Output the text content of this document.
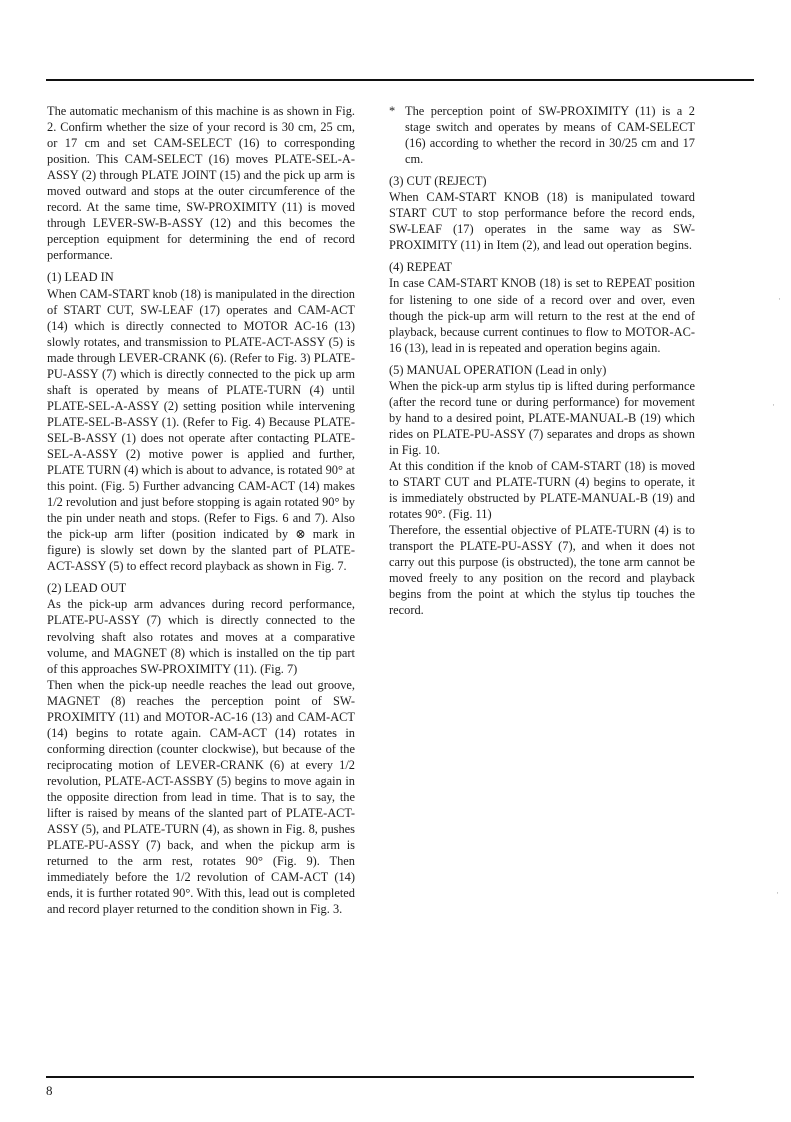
The automatic mechanism of this machine is as shown in Fig. 2. Confirm whether the size of your record is 30 cm, 25 cm, or 17 cm and set CAM-SELECT (16) to corresponding position. This CAM-SELECT (16) moves PLATE-SEL-A-ASSY (2) through PLATE JOINT (15) and the pick up arm is moved outward and stops at the outer circumference of the record. At the same time, SW-PROXIMITY (11) is moved through LEVER-SW-B-ASSY (12) and this becomes the perception equipment for determining the end of record performance.

(1) LEAD IN

When CAM-START knob (18) is manipulated in the direction of START CUT, SW-LEAF (17) operates and CAM-ACT (14) which is directly connected to MOTOR AC-16 (13) slowly rotates, and transmission to PLATE-ACT-ASSY (5) is made through LEVER-CRANK (6). (Refer to Fig. 3) PLATE-PU-ASSY (7) which is directly connected to the pick up arm shaft is operated by means of PLATE-TURN (4) until PLATE-SEL-A-ASSY (2) setting position while intervening PLATE-SEL-B-ASSY (1). (Refer to Fig. 4) Because PLATE-SEL-B-ASSY (1) does not operate after contacting PLATE-SEL-A-ASSY (2) motive power is applied and further, PLATE TURN (4) which is about to advance, is rotated 90° at this point. (Fig. 5) Further advancing CAM-ACT (14) makes 1/2 revolution and just before stopping is again rotated 90° by the pin under neath and stops. (Refer to Figs. 6 and 7). Also the pick-up arm lifter (position indicated by ⊗ mark in figure) is slowly set down by the slanted part of PLATE-ACT-ASSY (5) to effect record playback as shown in Fig. 7.

(2) LEAD OUT

As the pick-up arm advances during record performance, PLATE-PU-ASSY (7) which is directly connected to the revolving shaft also rotates and moves at a comparative volume, and MAGNET (8) which is installed on the tip part of this approaches SW-PROXIMITY (11). (Fig. 7)

Then when the pick-up needle reaches the lead out groove, MAGNET (8) reaches the perception point of SW-PROXIMITY (11) and MOTOR-AC-16 (13) and CAM-ACT (14) begins to rotate again. CAM-ACT (14) rotates in conforming direction (counter clockwise), but because of the reciprocating motion of LEVER-CRANK (6) at every 1/2 revolution, PLATE-ACT-ASSBY (5) begins to move again in the opposite direction from lead in time. That is to say, the lifter is raised by means of the slanted part of PLATE-ACT-ASSY (5), and PLATE-TURN (4), as shown in Fig. 8, pushes PLATE-PU-ASSY (7) back, and when the pickup arm is returned to the arm rest, rotates 90° (Fig. 9). Then immediately before the 1/2 revolution of CAM-ACT (14) ends, it is further rotated 90°. With this, lead out is completed and record player returned to the condition shown in Fig. 3.

* The perception point of SW-PROXIMITY (11) is a 2 stage switch and operates by means of CAM-SELECT (16) according to whether the record in 30/25 cm and 17 cm.

(3) CUT (REJECT)

When CAM-START KNOB (18) is manipulated toward START CUT to stop performance before the record ends, SW-LEAF (17) operates in the same way as SW-PROXIMITY (11) in Item (2), and lead out operation begins.

(4) REPEAT

In case CAM-START KNOB (18) is set to REPEAT position for listening to one side of a record over and over, even though the pick-up arm will return to the rest at the end of playback, because current continues to flow to MOTOR-AC-16 (13), lead in is repeated and operation begins again.

(5) MANUAL OPERATION (Lead in only)

When the pick-up arm stylus tip is lifted during performance (after the record tune or during performance) for movement by hand to a desired point, PLATE-MANUAL-B (19) which rides on PLATE-PU-ASSY (7) separates and drops as shown in Fig. 10.

At this condition if the knob of CAM-START (18) is moved to START CUT and PLATE-TURN (4) begins to operate, it is immediately obstructed by PLATE-MANUAL-B (19) and rotates 90°. (Fig. 11)

Therefore, the essential objective of PLATE-TURN (4) is to transport the PLATE-PU-ASSY (7), and when it does not carry out this purpose (is obstructed), the tone arm cannot be moved freely to any position on the record and playback begins from the point at which the stylus tip touches the record.

·
·
·
8
